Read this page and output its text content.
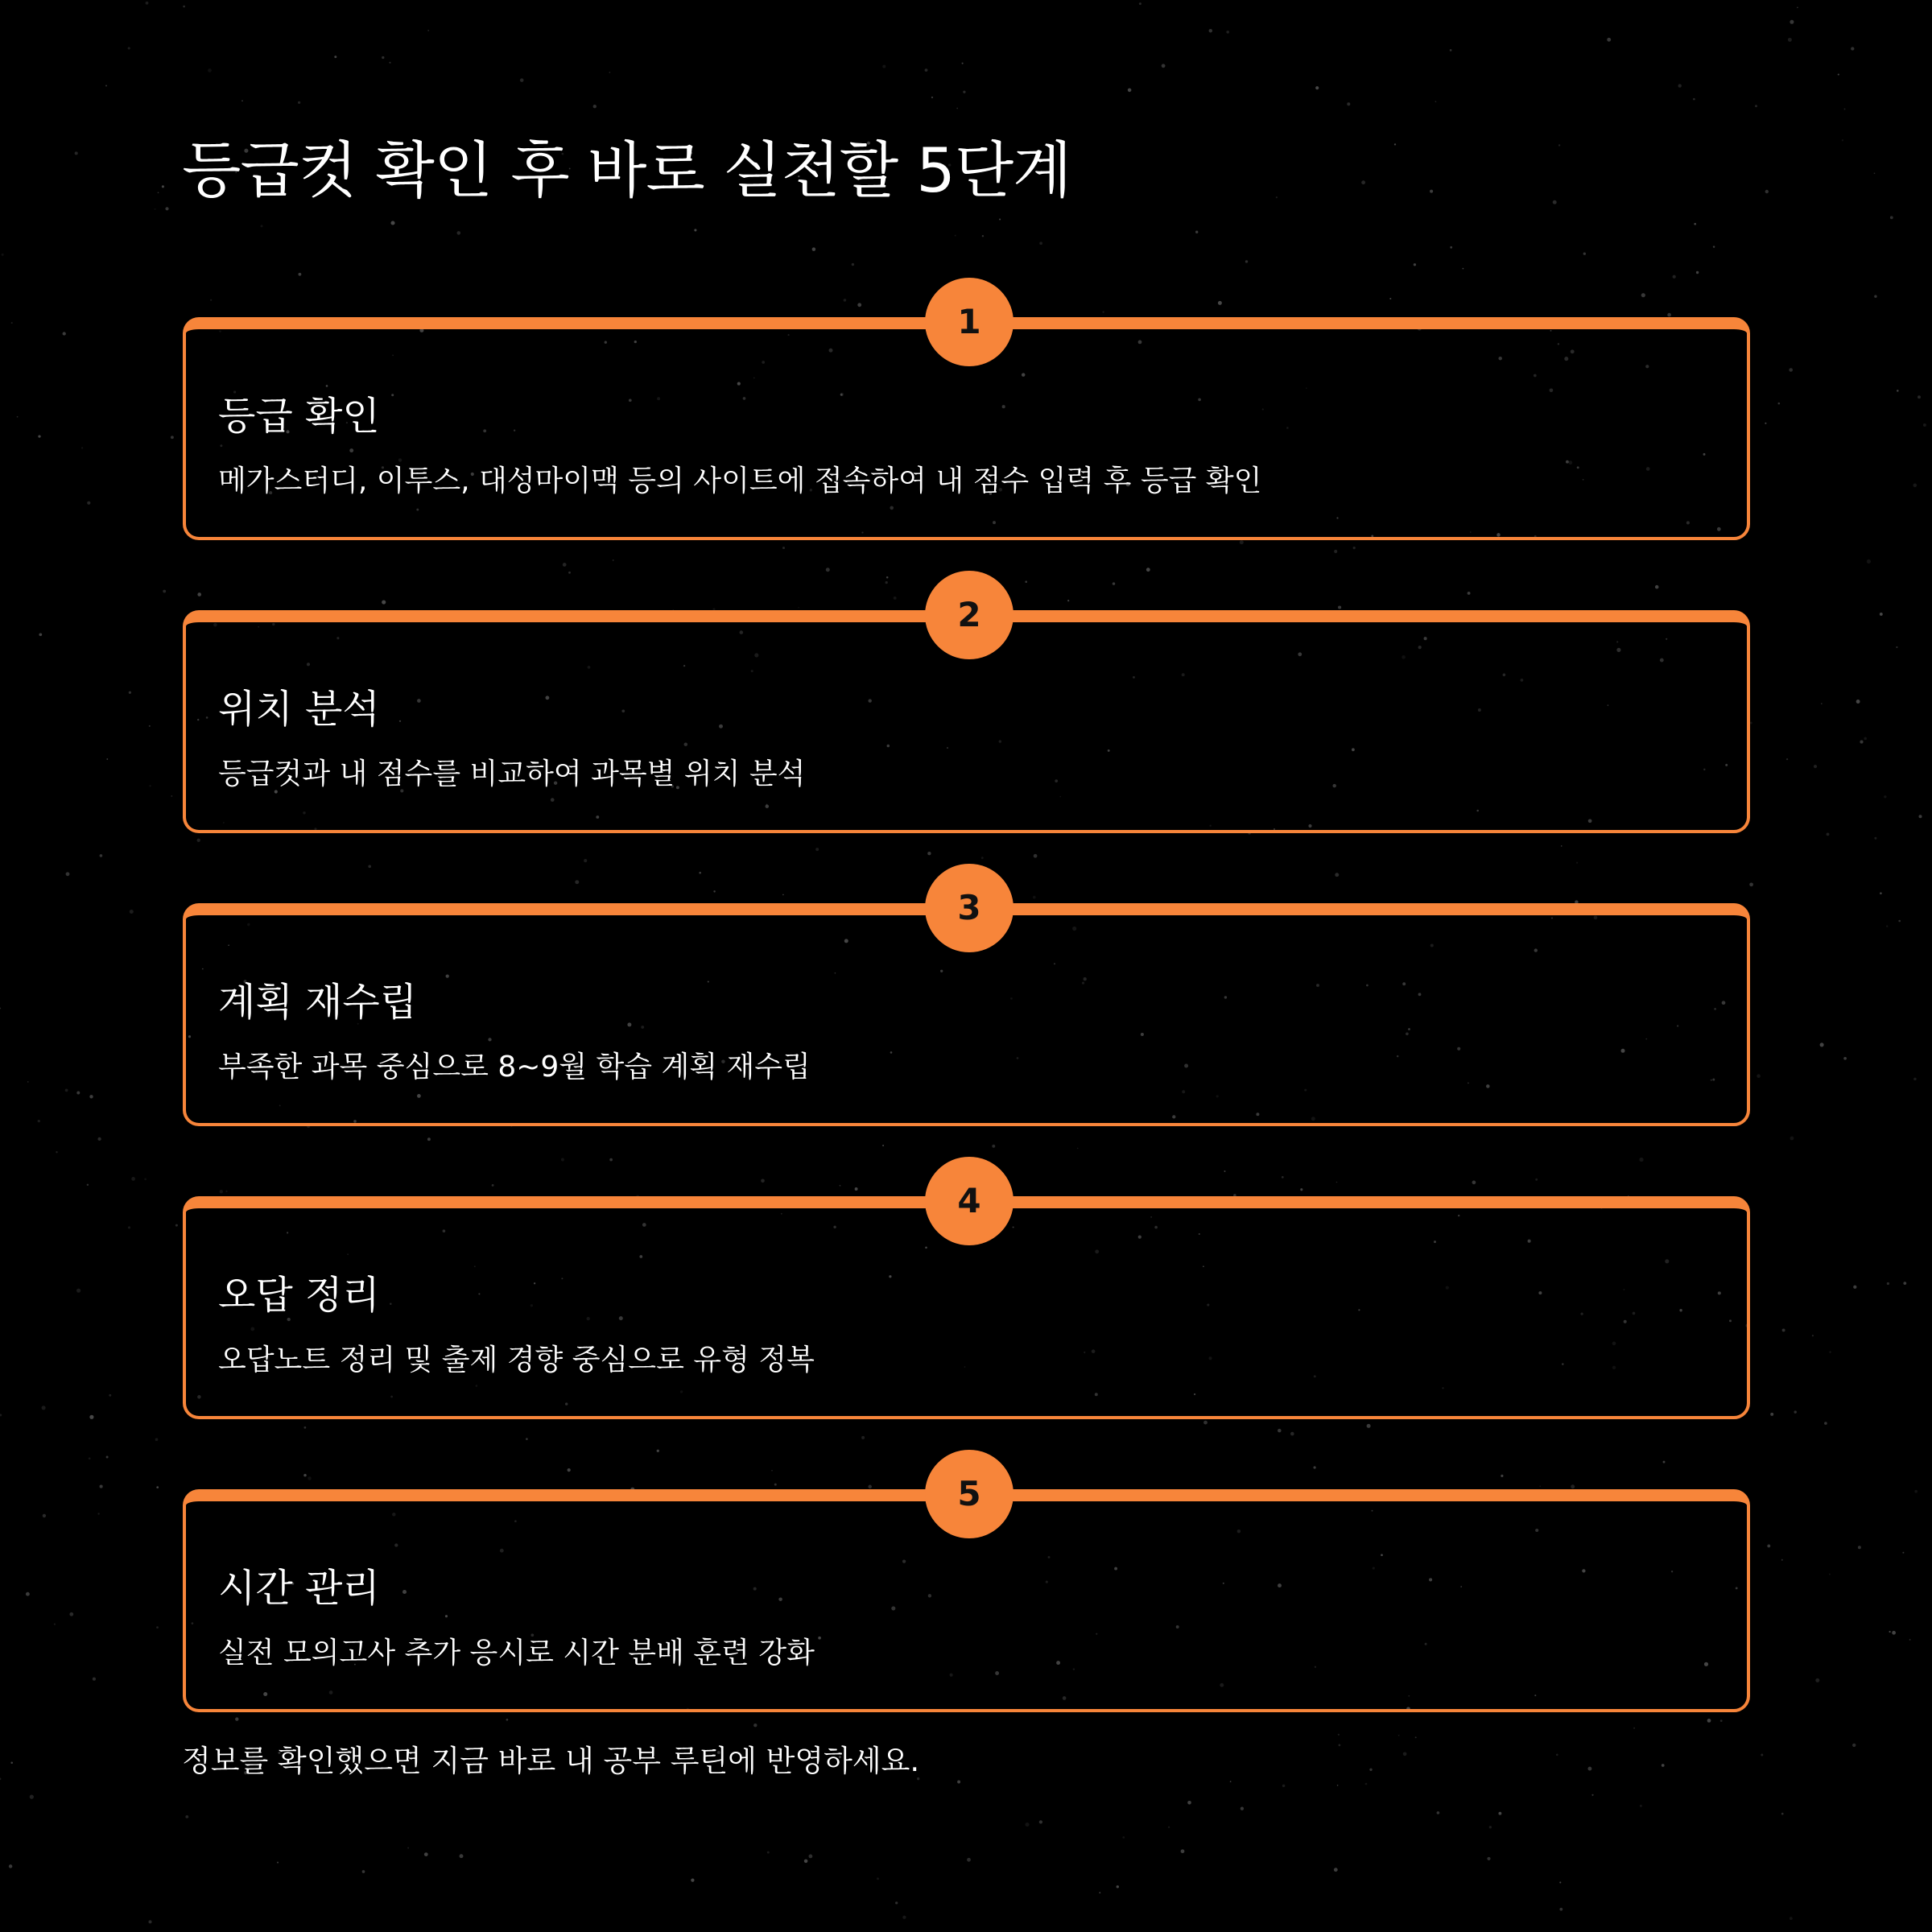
등급컷 확인 후 바로 실천할 5단계
1
등급 확인

메가스터디, 이투스, 대성마이맥 등의 사이트에 접속하여 내 점수 입력 후 등급 확인

2
위치 분석

등급컷과 내 점수를 비교하여 과목별 위치 분석

3
계획 재수립

부족한 과목 중심으로 8~9월 학습 계획 재수립

4
오답 정리

오답노트 정리 및 출제 경향 중심으로 유형 정복

5
시간 관리

실전 모의고사 추가 응시로 시간 분배 훈련 강화

정보를 확인했으면 지금 바로 내 공부 루틴에 반영하세요.
